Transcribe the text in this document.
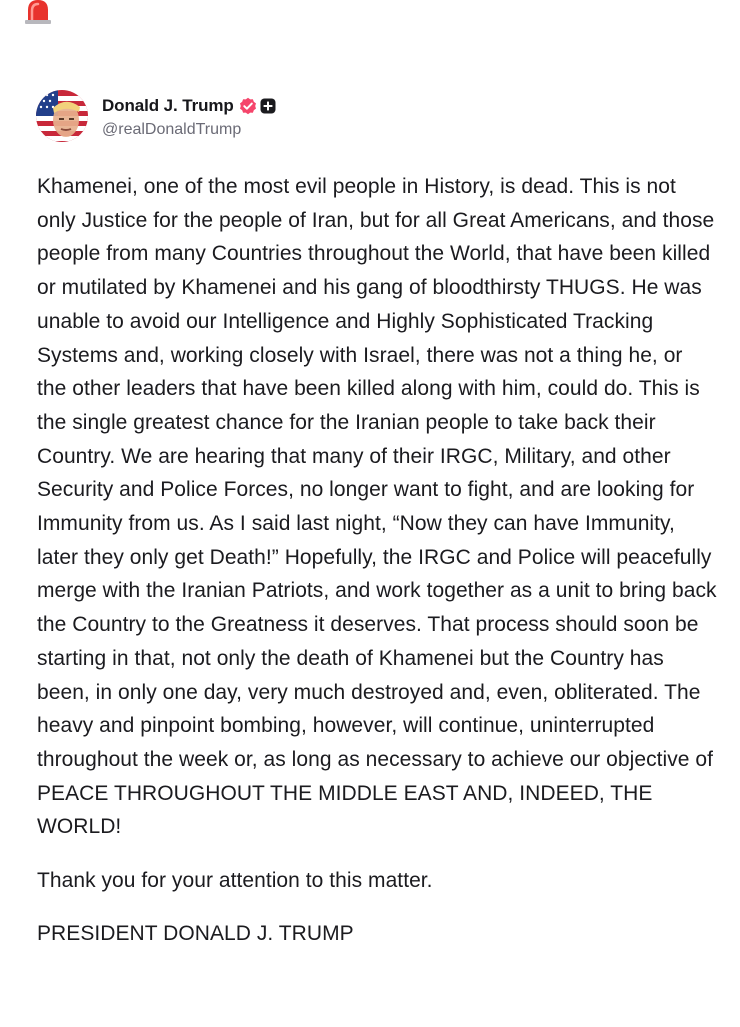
Donald J. Trump
@realDonaldTrump

Khamenei, one of the most evil people in History, is dead. This is not only Justice for the people of Iran, but for all Great Americans, and those people from many Countries throughout the World, that have been killed or mutilated by Khamenei and his gang of bloodthirsty THUGS. He was unable to avoid our Intelligence and Highly Sophisticated Tracking Systems and, working closely with Israel, there was not a thing he, or the other leaders that have been killed along with him, could do. This is the single greatest chance for the Iranian people to take back their Country. We are hearing that many of their IRGC, Military, and other Security and Police Forces, no longer want to fight, and are looking for Immunity from us. As I said last night, “Now they can have Immunity, later they only get Death!” Hopefully, the IRGC and Police will peacefully merge with the Iranian Patriots, and work together as a unit to bring back the Country to the Greatness it deserves. That process should soon be starting in that, not only the death of Khamenei but the Country has been, in only one day, very much destroyed and, even, obliterated. The heavy and pinpoint bombing, however, will continue, uninterrupted throughout the week or, as long as necessary to achieve our objective of PEACE THROUGHOUT THE MIDDLE EAST AND, INDEED, THE WORLD!

Thank you for your attention to this matter.

PRESIDENT DONALD J. TRUMP
